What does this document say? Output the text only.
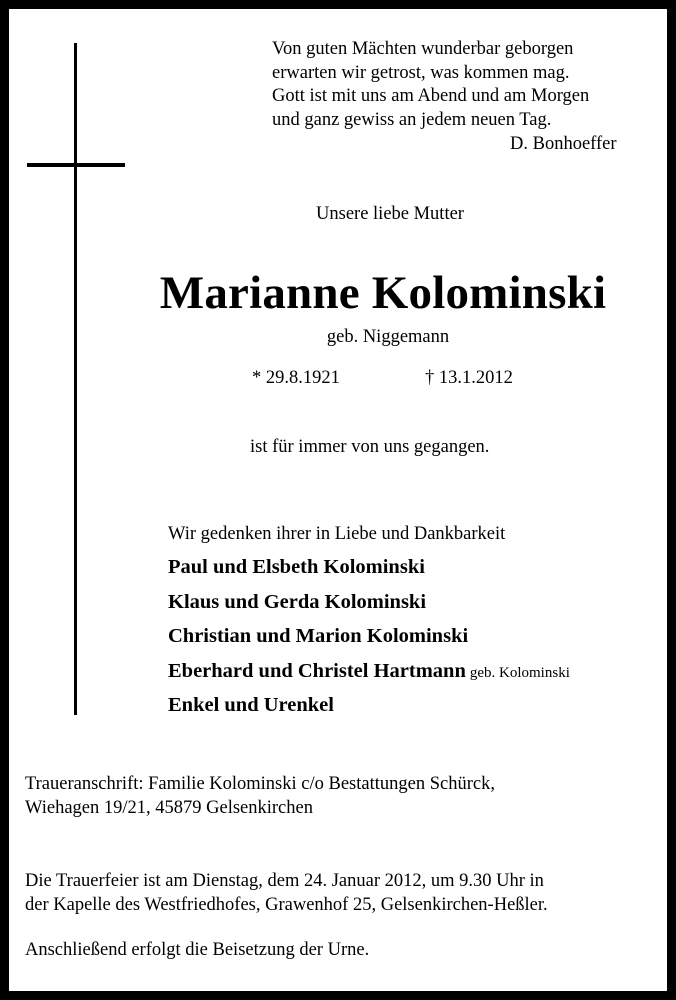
Von guten Mächten wunderbar geborgen
erwarten wir getrost, was kommen mag.
Gott ist mit uns am Abend und am Morgen
und ganz gewiss an jedem neuen Tag.
D. Bonhoeffer
Unsere liebe Mutter
Marianne Kolominski
geb. Niggemann
* 29.8.1921	† 13.1.2012
ist für immer von uns gegangen.
Wir gedenken ihrer in Liebe und Dankbarkeit
Paul und Elsbeth Kolominski
Klaus und Gerda Kolominski
Christian und Marion Kolominski
Eberhard und Christel Hartmann geb. Kolominski
Enkel und Urenkel
Traueranschrift: Familie Kolominski c/o Bestattungen Schürck,
Wiehagen 19/21, 45879 Gelsenkirchen
Die Trauerfeier ist am Dienstag, dem 24. Januar 2012, um 9.30 Uhr in
der Kapelle des Westfriedhofes, Grawenhof 25, Gelsenkirchen-Heßler.
Anschließend erfolgt die Beisetzung der Urne.
